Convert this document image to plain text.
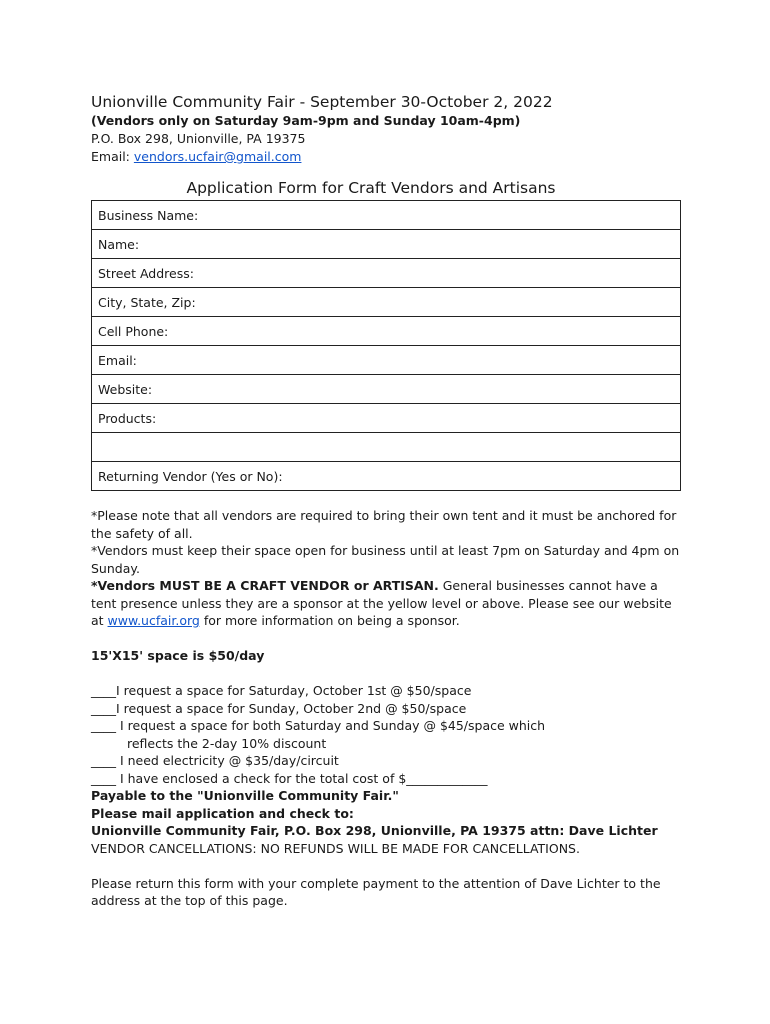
Unionville Community Fair - September 30-October 2, 2022

(Vendors only on Saturday 9am-9pm and Sunday 10am-4pm)

P.O. Box 298, Unionville, PA 19375

Email: vendors.ucfair@gmail.com

Application Form for Craft Vendors and Artisans

Business Name:
Name:
Street Address:
City, State, Zip:
Cell Phone:
Email:
Website:
Products:

Returning Vendor (Yes or No):

*Please note that all vendors are required to bring their own tent and it must be anchored for the safety of all.

*Vendors must keep their space open for business until at least 7pm on Saturday and 4pm on Sunday.

*Vendors MUST BE A CRAFT VENDOR or ARTISAN. General businesses cannot have a tent presence unless they are a sponsor at the yellow level or above. Please see our website at www.ucfair.org for more information on being a sponsor.

15'X15' space is $50/day

____I request a space for Saturday, October 1st @ $50/space

____I request a space for Sunday, October 2nd @ $50/space

____ I request a space for both Saturday and Sunday @ $45/space which

reflects the 2-day 10% discount

____ I need electricity @ $35/day/circuit

____ I have enclosed a check for the total cost of $_____________

Payable to the "Unionville Community Fair."

Please mail application and check to:

Unionville Community Fair, P.O. Box 298, Unionville, PA 19375 attn: Dave Lichter

VENDOR CANCELLATIONS: NO REFUNDS WILL BE MADE FOR CANCELLATIONS.

Please return this form with your complete payment to the attention of Dave Lichter to the address at the top of this page.
